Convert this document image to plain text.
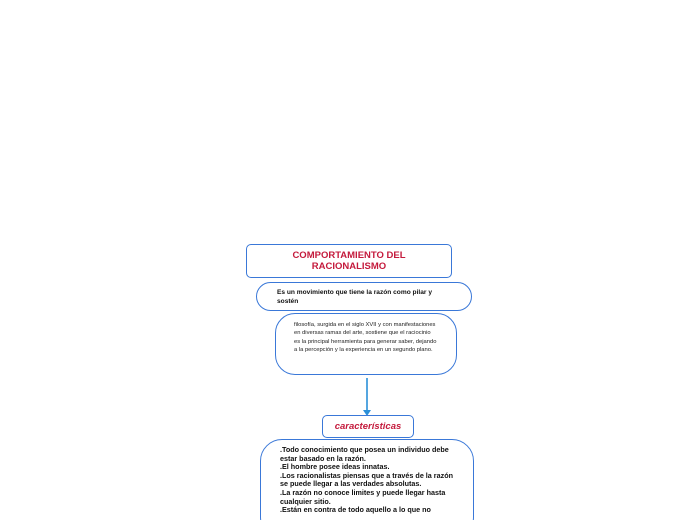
COMPORTAMIENTO DEL RACIONALISMO
Es un movimiento que tiene la razón como pilar y sostén
filosofía, surgida en el siglo XVII y con manifestaciones en diversas ramas del arte, sostiene que el raciocinio es la principal herramienta para generar saber, dejando a la percepción y la experiencia en un segundo plano.
características
.Todo conocimiento que posea un individuo debe estar basado en la razón.
.El hombre posee ideas innatas.
.Los racionalistas piensas que a través de la razón se puede llegar a las verdades absolutas.
.La razón no conoce limites y puede llegar hasta cualquier sitio.
.Están en contra de todo aquello a lo que no
